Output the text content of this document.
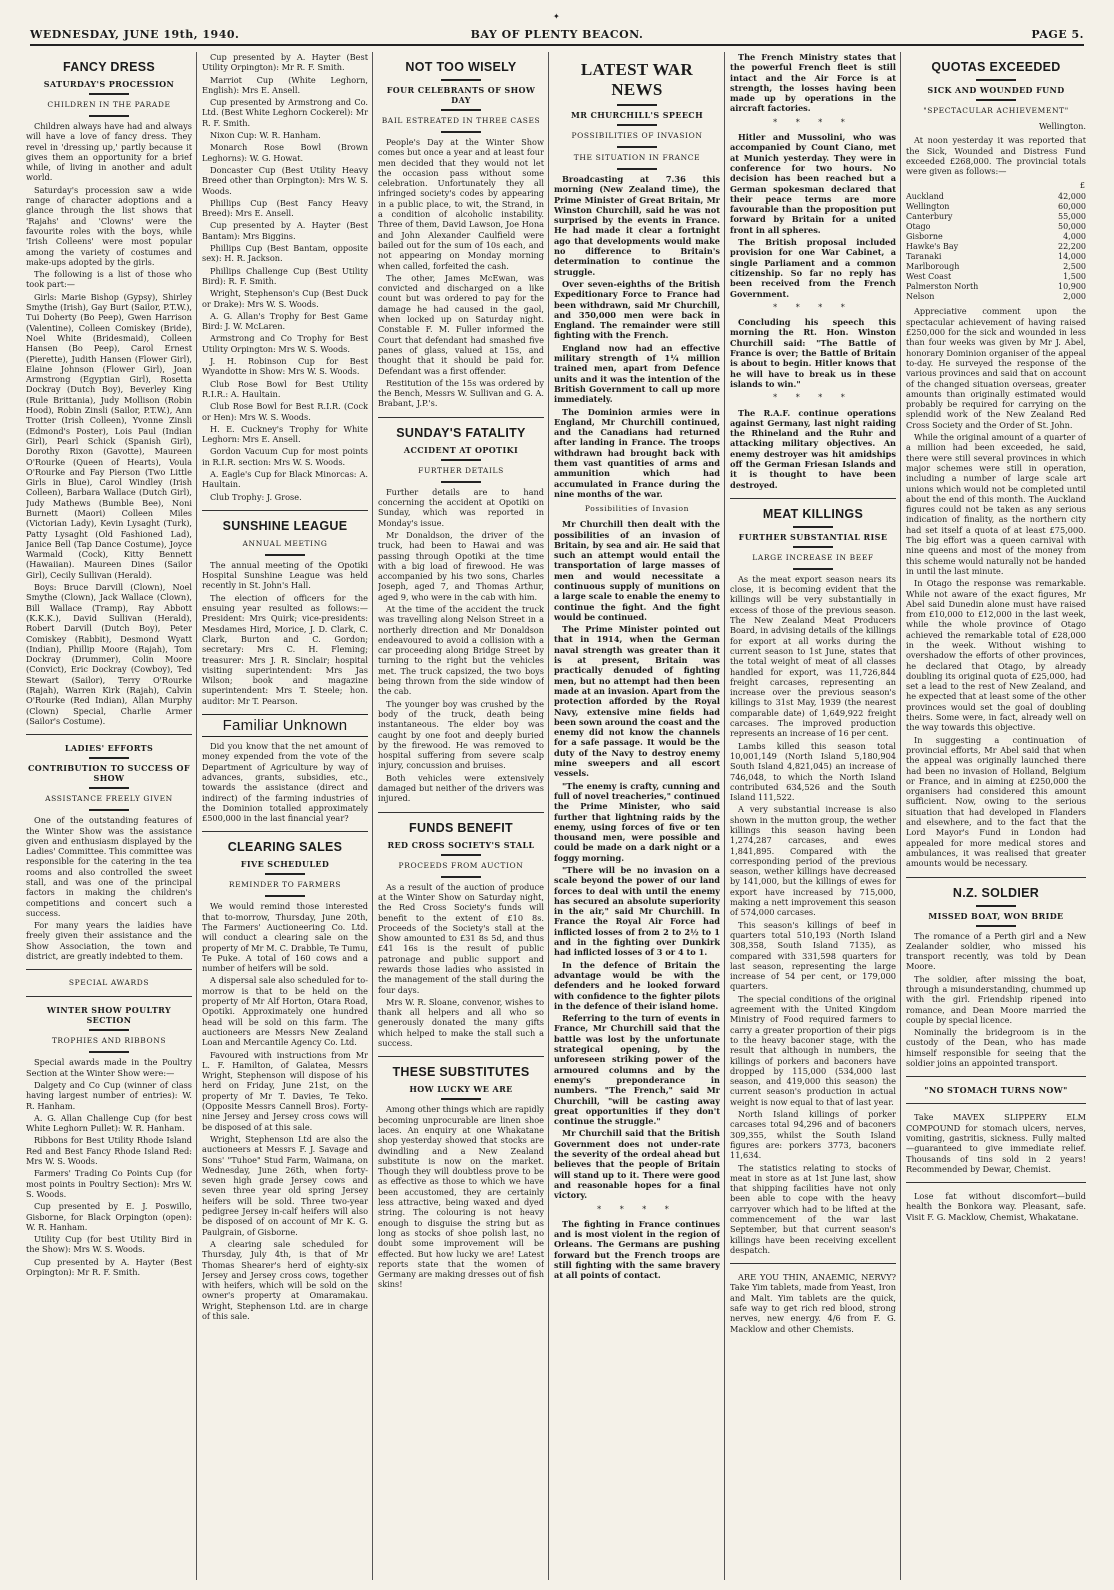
✦
WEDNESDAY, JUNE 19th, 1940.	BAY OF PLENTY BEACON.	PAGE 5.
FANCY DRESS
SATURDAY'S PROCESSION
CHILDREN IN THE PARADE

Children always have had and always will have a love of fancy dress. They revel in 'dressing up,' partly because it gives them an opportunity for a brief while, of living in another and adult world.

Saturday's procession saw a wide range of character adoptions and a glance through the list shows that 'Rajahs' and 'Clowns' were the favourite roles with the boys, while 'Irish Colleens' were most popular among the variety of costumes and make-ups adopted by the girls.

The following is a list of those who took part:—

Girls: Marie Bishop (Gypsy), Shirley Smythe (Irish), Gay Burt (Sailor, P.T.W.), Tui Doherty (Bo Peep), Gwen Harrison (Valentine), Colleen Comiskey (Bride), Noel White (Bridesmaid), Colleen Hansen (Bo Peep), Carol Ernest (Pierette), Judith Hansen (Flower Girl), Elaine Johnson (Flower Girl), Joan Armstrong (Egyptian Girl), Rosetta Dockray (Dutch Boy), Beverley King (Rule Brittania), Judy Mollison (Robin Hood), Robin Zinsli (Sailor, P.T.W.), Ann Trotter (Irish Colleen), Yvonne Zinsli (Edmond's Poster), Lois Paul (Indian Girl), Pearl Schick (Spanish Girl), Dorothy Rixon (Gavotte), Maureen O'Rourke (Queen of Hearts), Voula O'Rourke and Fay Pierson (Two Little Girls in Blue), Carol Windley (Irish Colleen), Barbara Wallace (Dutch Girl), Judy Mathews (Bumble Bee), Noni Burnett (Maori) Colleen Miles (Victorian Lady), Kevin Lysaght (Turk), Patty Lysaght (Old Fashioned Lad), Janice Bell (Tap Dance Costume), Joyce Warmald (Cock), Kitty Bennett (Hawaiian). Maureen Dines (Sailor Girl), Cecily Sullivan (Herald).

Boys: Bruce Darvill (Clown), Noel Smythe (Clown), Jack Wallace (Clown), Bill Wallace (Tramp), Ray Abbott (K.K.K.), David Sullivan (Herald), Robert Darvill (Dutch Boy), Peter Comiskey (Rabbit), Desmond Wyatt (Indian), Phillip Moore (Rajah), Tom Dockray (Drummer), Colin Moore (Convict), Eric Dockray (Cowboy), Ted Stewart (Sailor), Terry O'Rourke (Rajah), Warren Kirk (Rajah), Calvin O'Rourke (Red Indian), Allan Murphy (Clown) Special, Charlie Armer (Sailor's Costume).

LADIES' EFFORTS
CONTRIBUTION TO SUCCESS OF SHOW
ASSISTANCE FREELY GIVEN

One of the outstanding features of the Winter Show was the assistance given and enthusiasm displayed by the Ladies' Committee. This committee was responsible for the catering in the tea rooms and also controlled the sweet stall, and was one of the principal factors in making the children's competitions and concert such a success.

For many years the laidies have freely given their assistance and the Show Association, the town and district, are greatly indebted to them.

SPECIAL AWARDS
WINTER SHOW POULTRY SECTION
TROPHIES AND RIBBONS

Special awards made in the Poultry Section at the Winter Show were:—

Dalgety and Co Cup (winner of class having largest number of entries): W. R. Hanham.

A. G. Allan Challenge Cup (for best White Leghorn Pullet): W. R. Hanham.

Ribbons for Best Utility Rhode Island Red and Best Fancy Rhode Island Red: Mrs W. S. Woods.

Farmers' Trading Co Points Cup (for most points in Poultry Section): Mrs W. S. Woods.

Cup presented by E. J. Poswillo, Gisborne, for Black Orpington (open): W. R. Hanham.

Utility Cup (for best Utility Bird in the Show): Mrs W. S. Woods.

Cup presented by A. Hayter (Best Orpington): Mr R. F. Smith.

Cup presented by A. Hayter (Best Utility Orpington): Mr R. F. Smith.

Marriot Cup (White Leghorn, English): Mrs E. Ansell.

Cup presented by Armstrong and Co. Ltd. (Best White Leghorn Cockerel): Mr R. F. Smith.

Nixon Cup: W. R. Hanham.

Monarch Rose Bowl (Brown Leghorns): W. G. Howat.

Doncaster Cup (Best Utility Heavy Breed other than Orpington): Mrs W. S. Woods.

Phillips Cup (Best Fancy Heavy Breed): Mrs E. Ansell.

Cup presented by A. Hayter (Best Bantam): Mrs Biggins.

Phillips Cup (Best Bantam, opposite sex): H. R. Jackson.

Phillips Challenge Cup (Best Utility Bird): R. F. Smith.

Wright, Stephenson's Cup (Best Duck or Drake): Mrs W. S. Woods.

A. G. Allan's Trophy for Best Game Bird: J. W. McLaren.

Armstrong and Co Trophy for Best Utility Orpington: Mrs W. S. Woods.

J. H. Robinson Cup for Best Wyandotte in Show: Mrs W. S. Woods.

Club Rose Bowl for Best Utility R.I.R.: A. Haultain.

Club Rose Bowl for Best R.I.R. (Cock or Hen): Mrs W. S. Woods.

H. E. Cuckney's Trophy for White Leghorn: Mrs E. Ansell.

Gordon Vacuum Cup for most points in R.I.R. section: Mrs W. S. Woods.

A. Eagle's Cup for Black Minorcas: A. Haultain.

Club Trophy: J. Grose.

SUNSHINE LEAGUE
ANNUAL MEETING

The annual meeting of the Opotiki Hospital Sunshine League was held recently in St. John's Hall.

The election of officers for the ensuing year resulted as follows:— President: Mrs Quirk; vice-presidents: Mesdames Hird, Morice, J. D. Clark, C. Clark, Burton and C. Gordon; secretary: Mrs C. H. Fleming; treasurer: Mrs J. R. Sinclair; hospital visiting superintendent: Mrs Jas Wilson; book and magazine superintendent: Mrs T. Steele; hon. auditor: Mr T. Pearson.

Familiar Unknown

Did you know that the net amount of money expended from the vote of the Department of Agriculture by way of advances, grants, subsidies, etc., towards the assistance (direct and indirect) of the farming industries of the Dominion totalled approximately £500,000 in the last financial year?

CLEARING SALES
FIVE SCHEDULED
REMINDER TO FARMERS

We would remind those interested that to-morrow, Thursday, June 20th, The Farmers' Auctioneering Co. Ltd. will conduct a clearing sale on the property of Mr M. C. Drabble, Te Tumu, Te Puke. A total of 160 cows and a number of heifers will be sold.

A dispersal sale also scheduled for to-morrow is that to be held on the property of Mr Alf Horton, Otara Road, Opotiki. Approximately one hundred head will be sold on this farm. The auctioneers are Messrs New Zealand Loan and Mercantile Agency Co. Ltd.

Favoured with instructions from Mr L. F. Hamilton, of Galatea, Messrs Wright, Stephenson will dispose of his herd on Friday, June 21st, on the property of Mr T. Davies, Te Teko. (Opposite Messrs Cannell Bros). Forty-nine Jersey and Jersey cross cows will be disposed of at this sale.

Wright, Stephenson Ltd are also the auctioneers at Messrs F. J. Savage and Sons' "Tuhoe" Stud Farm, Waimana, on Wednesday, June 26th, when forty-seven high grade Jersey cows and seven three year old spring Jersey heifers will be sold. Three two-year pedigree Jersey in-calf heifers will also be disposed of on account of Mr K. G. Paulgrain, of Gisborne.

A clearing sale scheduled for Thursday, July 4th, is that of Mr Thomas Shearer's herd of eighty-six Jersey and Jersey cross cows, together with heifers, which will be sold on the owner's property at Omaramakau. Wright, Stephenson Ltd. are in charge of this sale.

NOT TOO WISELY
FOUR CELEBRANTS OF SHOW DAY
BAIL ESTREATED IN THREE CASES

People's Day at the Winter Show comes but once a year and at least four men decided that they would not let the occasion pass without some celebration. Unfortunately they all infringed society's codes by appearing in a public place, to wit, the Strand, in a condition of alcoholic instability. Three of them, David Lawson, Joe Hona and John Alexander Caulfield were bailed out for the sum of 10s each, and not appearing on Monday morning when called, forfeited the cash.

The other, James McEwan, was convicted and discharged on a like count but was ordered to pay for the damage he had caused in the gaol, when locked up on Saturday night. Constable F. M. Fuller informed the Court that defendant had smashed five panes of glass, valued at 15s, and thought that it should be paid for. Defendant was a first offender.

Restitution of the 15s was ordered by the Bench, Messrs W. Sullivan and G. A. Brabant, J.P.'s.

SUNDAY'S FATALITY
ACCIDENT AT OPOTIKI
FURTHER DETAILS

Further details are to hand concerning the accident at Opotiki on Sunday, which was reported in Monday's issue.

Mr Donaldson, the driver of the truck, had been to Hawai and was passing through Opotiki at the time with a big load of firewood. He was accompanied by his two sons, Charles Joseph, aged 7, and Thomas Arthur, aged 9, who were in the cab with him.

At the time of the accident the truck was travelling along Nelson Street in a northerly direction and Mr Donaldson endeavoured to avoid a collision with a car proceeding along Bridge Street by turning to the right but the vehicles met. The truck capsized, the two boys being thrown from the side window of the cab.

The younger boy was crushed by the body of the truck, death being instantaneous. The elder boy was caught by one foot and deeply buried by the firewood. He was removed to hospital suffering from severe scalp injury, concussion and bruises.

Both vehicles were extensively damaged but neither of the drivers was injured.

FUNDS BENEFIT
RED CROSS SOCIETY'S STALL
PROCEEDS FROM AUCTION

As a result of the auction of produce at the Winter Show on Saturday night, the Red Cross Society's funds will benefit to the extent of £10 8s. Proceeds of the Society's stall at the Show amounted to £31 8s 5d, and thus £41 16s is the result of public patronage and public support and rewards those ladies who assisted in the management of the stall during the four days.

Mrs W. R. Sloane, convenor, wishes to thank all helpers and all who so generously donated the many gifts which helped to make the stall such a success.

THESE SUBSTITUTES
HOW LUCKY WE ARE

Among other things which are rapidly becoming unprocurable are linen shoe laces. An enquiry at one Whakatane shop yesterday showed that stocks are dwindling and a New Zealand substitute is now on the market. Though they will doubtless prove to be as effective as those to which we have been accustomed, they are certainly less attractive, being waxed and dyed string. The colouring is not heavy enough to disguise the string but as long as stocks of shoe polish last, no doubt some improvement will be effected. But how lucky we are! Latest reports state that the women of Germany are making dresses out of fish skins!

LATEST WAR NEWS
MR CHURCHILL'S SPEECH
POSSIBILITIES OF INVASION
THE SITUATION IN FRANCE

Broadcasting at 7.36 this morning (New Zealand time), the Prime Minister of Great Britain, Mr Winston Churchill, said he was not surprised by the events in France. He had made it clear a fortnight ago that developments would make no difference to Britain's determination to continue the struggle.

Over seven-eighths of the British Expeditionary Force to France had been withdrawn, said Mr Churchill, and 350,000 men were back in England. The remainder were still fighting with the French.

England now had an effective military strength of 1¼ million trained men, apart from Defence units and it was the intention of the British Government to call up more immediately.

The Dominion armies were in England, Mr Churchill continued, and the Canadians had returned after landing in France. The troops withdrawn had brought back with them vast quantities of arms and ammunition which had accumulated in France during the nine months of the war.

Possibilities of Invasion

Mr Churchill then dealt with the possibilities of an invasion of Britain, by sea and air. He said that such an attempt would entail the transportation of large masses of men and would necessitate a continuous supply of munitions on a large scale to enable the enemy to continue the fight. And the fight would be continued.

The Prime Minister pointed out that in 1914, when the German naval strength was greater than it is at present, Britain was practically denuded of fighting men, but no attempt had then been made at an invasion. Apart from the protection afforded by the Royal Navy, extensive mine fields had been sown around the coast and the enemy did not know the channels for a safe passage. It would be the duty of the Navy to destroy enemy mine sweepers and all escort vessels.

"The enemy is crafty, cunning and full of novel treacheries," continued the Prime Minister, who said further that lightning raids by the enemy, using forces of five or ten thousand men, were possible and could be made on a dark night or a foggy morning.

"There will be no invasion on a scale beyond the power of our land forces to deal with until the enemy has secured an absolute superiority in the air," said Mr Churchill. In France the Royal Air Force had inflicted losses of from 2 to 2½ to 1 and in the fighting over Dunkirk had inflicted losses of 3 or 4 to 1.

In the defence of Britain the advantage would be with the defenders and he looked forward with confidence to the fighter pilots in the defence of their island home.

Referring to the turn of events in France, Mr Churchill said that the battle was lost by the unfortunate strategical opening, by the unforeseen striking power of the armoured columns and by the enemy's preponderance in numbers. "The French," said Mr Churchill, "will be casting away great opportunities if they don't continue the struggle."

Mr Churchill said that the British Government does not under-rate the severity of the ordeal ahead but believes that the people of Britain will stand up to it. There were good and reasonable hopes for a final victory.

* * * *

The fighting in France continues and is most violent in the region of Orleans. The Germans are pushing forward but the French troops are still fighting with the same bravery at all points of contact.

The French Ministry states that the powerful French fleet is still intact and the Air Force is at strength, the losses having been made up by operations in the aircraft factories.

* * * *

Hitler and Mussolini, who was accompanied by Count Ciano, met at Munich yesterday. They were in conference for two hours. No decision has been reached but a German spokesman declared that their peace terms are more favourable than the proposition put forward by Britain for a united front in all spheres.

The British proposal included provision for one War Cabinet, a single Parliament and a common citizenship. So far no reply has been received from the French Government.

* * * *

Concluding his speech this morning the Rt. Hon. Winston Churchill said: "The Battle of France is over; the Battle of Britain is about to begin. Hitler knows that he will have to break us in these islands to win."

* * * *

The R.A.F. continue operations against Germany, last night raiding the Rhineland and the Ruhr and attacking military objectives. An enemy destroyer was hit amidships off the German Friesan Islands and it is thought to have been destroyed.

MEAT KILLINGS
FURTHER SUBSTANTIAL RISE
LARGE INCREASE IN BEEF

As the meat export season nears its close, it is becoming evident that the killings will be very substantially in excess of those of the previous season. The New Zealand Meat Producers Board, in advising details of the killings for export at all works during the current season to 1st June, states that the total weight of meat of all classes handled for export, was 11,726,844 freight carcases, representing an increase over the previous season's killings to 31st May, 1939 (the nearest comparable date) of 1,649,922 freight carcases. The improved production represents an increase of 16 per cent.

Lambs killed this season total 10,001,149 (North Island 5,180,904 South Island 4,821,045) an increase of 746,048, to which the North Island contributed 634,526 and the South Island 111,522.

A very substantial increase is also shown in the mutton group, the wether killings this season having been 1,274,287 carcases, and ewes 1,841,895. Compared with the corresponding period of the previous season, wether killings have decreased by 141,000, but the killings of ewes for export have increased by 715,000, making a nett improvement this season of 574,000 carcases.

This season's killings of beef in quarters total 510,193 (North Island 308,358, South Island 7135), as compared with 331,598 quarters for last season, representing the large increase of 54 per cent, or 179,000 quarters.

The special conditions of the original agreement with the United Kingdom Ministry of Food required farmers to carry a greater proportion of their pigs to the heavy baconer stage, with the result that although in numbers, the killings of porkers and baconers have dropped by 115,000 (534,000 last season, and 419,000 this season) the current season's production in actual weight is now equal to that of last year.

North Island killings of porker carcases total 94,296 and of baconers 309,355, whilst the South Island figures are: porkers 3773, baconers 11,634.

The statistics relating to stocks of meat in store as at 1st June last, show that shipping facilities have not only been able to cope with the heavy carryover which had to be lifted at the commencement of the war last September, but that current season's killings have been receiving excellent despatch.

ARE YOU THIN, ANAEMIC, NERVY? Take Yim tablets, made from Yeast, Iron and Malt. Yim tablets are the quick, safe way to get rich red blood, strong nerves, new energy. 4/6 from F. G. Macklow and other Chemists.

QUOTAS EXCEEDED
SICK AND WOUNDED FUND
"SPECTACULAR ACHIEVEMENT"
Wellington.

At noon yesterday it was reported that the Sick, Wounded and Distress Fund exceeded £268,000. The provincial totals were given as follows:—

£	
Auckland	42,000
Wellington	60,000
Canterbury	55,000
Otago	50,000
Gisborne	4,000
Hawke's Bay	22,200
Taranaki	14,000
Marlborough	2,500
West Coast	1,500
Palmerston North	10,900
Nelson	2,000

Appreciative comment upon the spectacular achievement of having raised £250,000 for the sick and wounded in less than four weeks was given by Mr J. Abel, honorary Dominion organiser of the appeal to-day. He surveyed the response of the various provinces and said that on account of the changed situation overseas, greater amounts than originally estimated would probably be required for carrying on the splendid work of the New Zealand Red Cross Society and the Order of St. John.

While the original amount of a quarter of a million had been exceeded, he said, there were still several provinces in which major schemes were still in operation, including a number of large scale art unions which would not be completed until about the end of this month. The Auckland figures could not be taken as any serious indication of finality, as the northern city had set itself a quota of at least £75,000. The big effort was a queen carnival with nine queens and most of the money from this scheme would naturally not be handed in until the last minute.

In Otago the response was remarkable. While not aware of the exact figures, Mr Abel said Dunedin alone must have raised from £10,000 to £12,000 in the last week, while the whole province of Otago achieved the remarkable total of £28,000 in the week. Without wishing to overshadow the efforts of other provinces, he declared that Otago, by already doubling its original quota of £25,000, had set a lead to the rest of New Zealand, and he expected that at least some of the other provinces would set the goal of doubling theirs. Some were, in fact, already well on the way towards this objective.

In suggesting a continuation of provincial efforts, Mr Abel said that when the appeal was originally launched there had been no invasion of Holland, Belgium or France, and in aiming at £250,000 the organisers had considered this amount sufficient. Now, owing to the serious situation that had developed in Flanders and elsewhere, and to the fact that the Lord Mayor's Fund in London had appealed for more medical stores and ambulances, it was realised that greater amounts would be necessary.

N.Z. SOLDIER
MISSED BOAT, WON BRIDE

The romance of a Perth girl and a New Zealander soldier, who missed his transport recently, was told by Dean Moore.

The soldier, after missing the boat, through a misunderstanding, chummed up with the girl. Friendship ripened into romance, and Dean Moore married the couple by special licence.

Nominally the bridegroom is in the custody of the Dean, who has made himself responsible for seeing that the soldier joins an appointed transport.

"NO STOMACH TURNS NOW"

Take MAVEX SLIPPERY ELM COMPOUND for stomach ulcers, nerves, vomiting, gastritis, sickness. Fully malted—guaranteed to give immediate relief. Thousands of tins sold in 2 years! Recommended by Dewar, Chemist.

Lose fat without discomfort—build health the Bonkora way. Pleasant, safe. Visit F. G. Macklow, Chemist, Whakatane.
